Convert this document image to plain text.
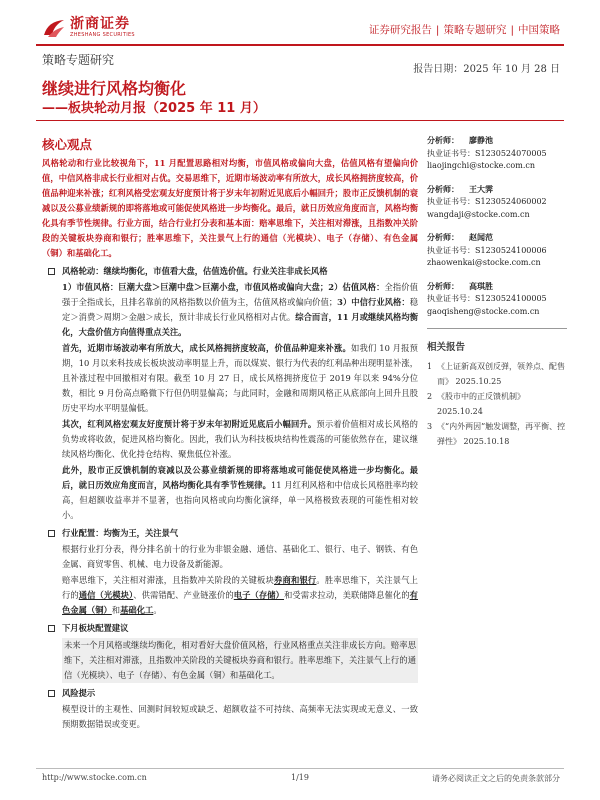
浙商证券
ZHESHANG SECURITIES	证券研究报告 | 策略专题研究 | 中国策略
策略专题研究
报告日期：2025 年 10 月 28 日
继续进行风格均衡化
——板块轮动月报（2025 年 11 月）
核心观点
风格轮动和行业比较视角下，11 月配置思路相对均衡，市值风格或偏向大盘，估值风格有望偏向价值，中信风格非成长行业相对占优。交易思维下，近期市场波动率有所放大，成长风格拥挤度较高，价值品种迎来补涨；红利风格受宏观友好度预计将于岁末年初附近见底后小幅回升；股市正反馈机制的衰减以及公募业绩新规的即将落地或可能促使风格进一步均衡化。最后，就日历效应角度而言，风格均衡化具有季节性规律。行业方面，结合行业打分表和基本面：赔率思维下，关注相对滞涨，且指数冲关阶段的关键板块券商和银行；胜率思维下，关注景气上行的通信（光模块）、电子（存储）、有色金属（铜）和基础化工。
风格轮动：继续均衡化，市值看大盘，估值选价值。行业关注非成长风格
1）市值风格：巨潮大盘＞巨潮中盘＞巨潮小盘，市值风格或偏向大盘；2）估值风格：全指价值强于全指成长，且排名靠前的风格指数以价值为主，估值风格或偏向价值；3）中信行业风格：稳定＞消费＞周期＞金融＞成长，预计非成长行业风格相对占优。综合而言，11 月或继续风格均衡化，大盘价值方向值得重点关注。
首先，近期市场波动率有所放大，成长风格拥挤度较高，价值品种迎来补涨。如我们 10 月报预期，10 月以来科技成长板块波动率明显上升，而以煤炭、银行为代表的红利品种出现明显补涨，且补涨过程中回撤相对有限。截至 10 月 27 日，成长风格拥挤度位于 2019 年以来 94%分位数，相比 9 月份高点略微下行但仍明显偏高；与此同时，金融和周期风格正从底部向上回升且股历史平均水平明显偏低。
其次，红利风格宏观友好度预计将于岁末年初附近见底后小幅回升。预示着价值相对成长风格的负势或将收敛，促进风格均衡化。因此，我们认为科技板块结构性震荡的可能依然存在，建议继续风格均衡化、优化持仓结构、聚焦低位补涨。
此外，股市正反馈机制的衰减以及公募业绩新规的即将落地或可能促使风格进一步均衡化。最后，就日历效应角度而言，风格均衡化具有季节性规律。11 月红利风格和中信成长风格胜率均较高，但超额收益率并不显著，也指向风格或向均衡化演绎，单一风格极致表现的可能性相对较小。
行业配置：均衡为王，关注景气
根据行业打分表，得分排名前十的行业为非银金融、通信、基础化工、银行、电子、钢铁、有色金属、商贸零售、机械、电力设备及新能源。
赔率思维下，关注相对滞涨，且指数冲关阶段的关键板块券商和银行。胜率思维下，关注景气上行的通信（光模块）、供需错配、产业链涨价的电子（存储）和受需求拉动，美联储降息催化的有色金属（铜）和基础化工。
下月板块配置建议
未来一个月风格或继续均衡化，相对看好大盘价值风格，行业风格重点关注非成长方向。赔率思维下，关注相对滞涨，且指数冲关阶段的关键板块券商和银行。胜率思维下，关注景气上行的通信（光模块）、电子（存储）、有色金属（铜）和基础化工。
风险提示
模型设计的主观性、回测时间较短或缺乏、超额收益不可持续、高频率无法实现或无意义、一致预期数据错误或变更。
分析师： 廖静池
执业证书号：S1230524070005
liaojingchi@stocke.com.cn
分析师： 王大霁
执业证书号：S1230524060002
wangdaji@stocke.com.cn
分析师： 赵闻范
执业证书号：S1230524100006
zhaowenkai@stocke.com.cn
分析师： 高琪胜
执业证书号：S1230524100005
gaoqisheng@stocke.com.cn
相关报告
1 《上证新高双创反弹，领养点、配售而》 2025.10.25
2 《股市中的正反馈机制》 2025.10.24
3 《“内外两因”触发调整，再平衡、控弹性》 2025.10.18
http://www.stocke.com.cn	1/19	请务必阅读正文之后的免责条款部分
